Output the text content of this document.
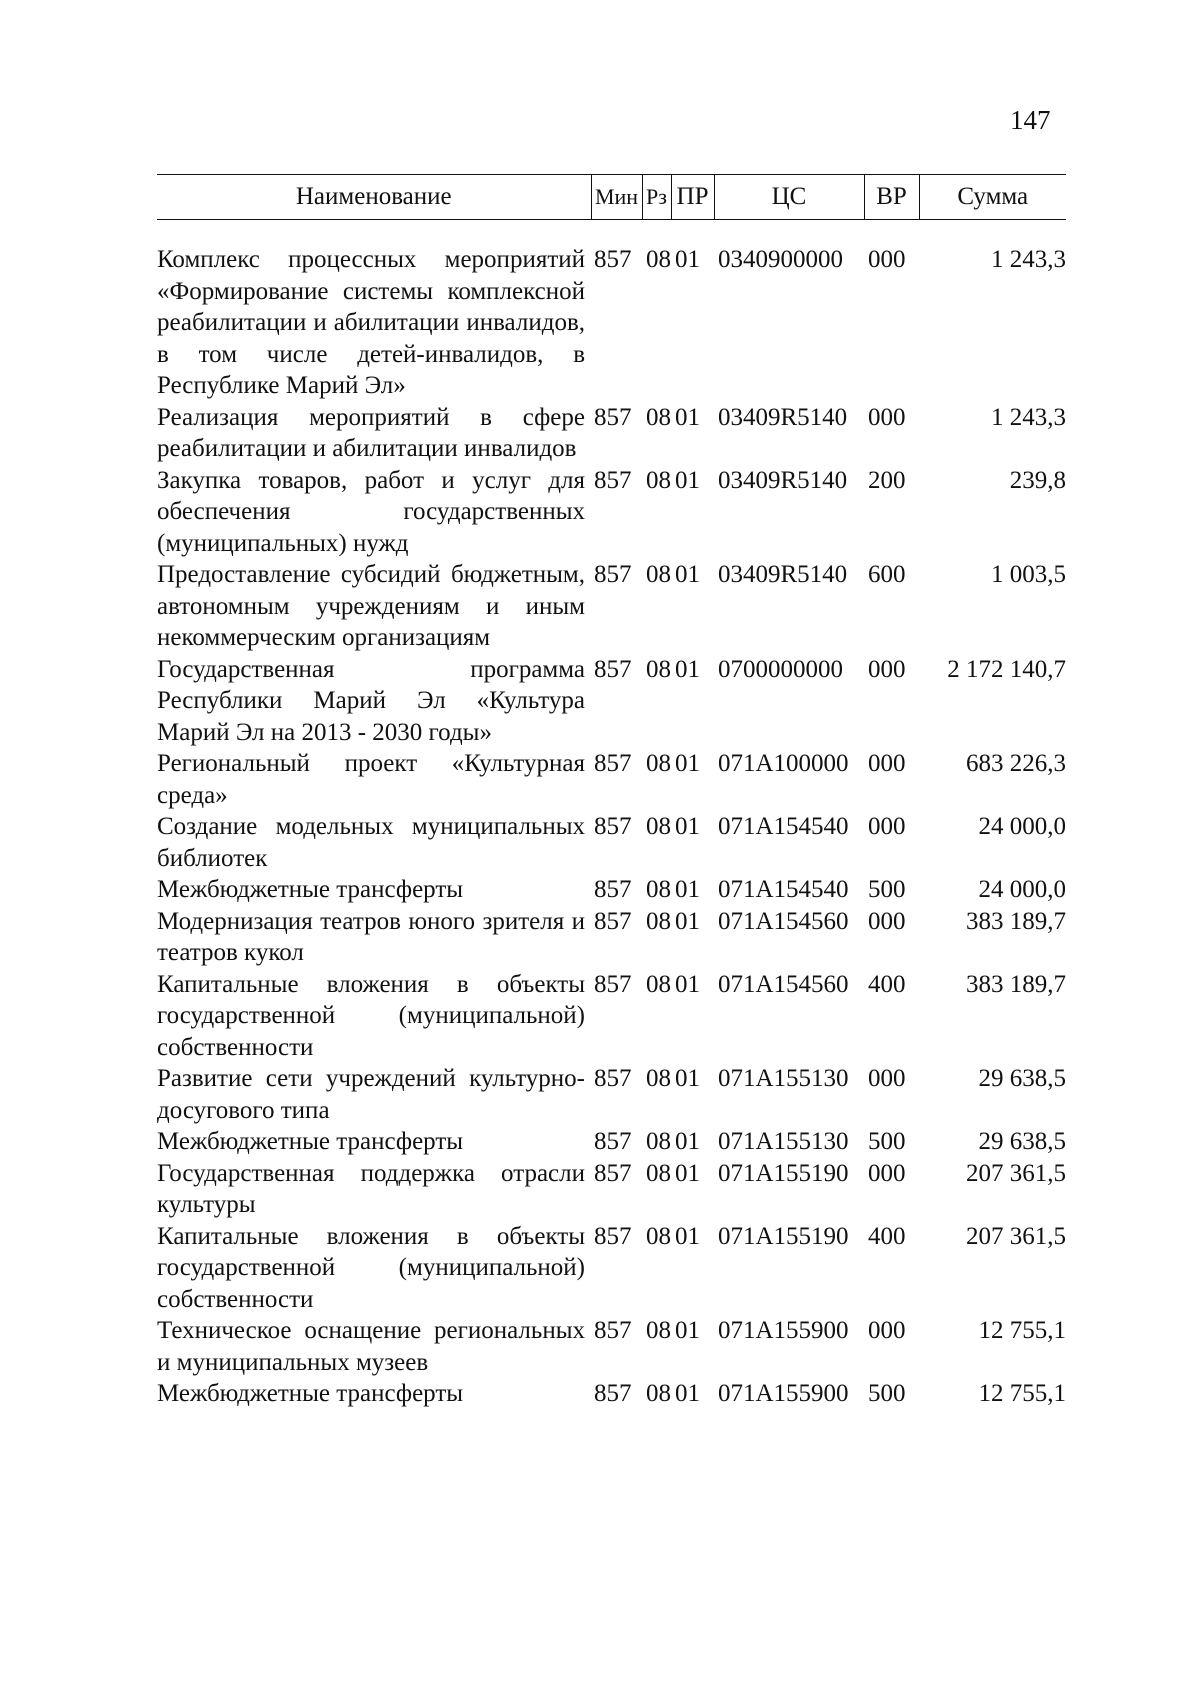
147
Наименование	Мин	Рз	ПР	ЦС	ВР	Сумма

Комплекс процессных мероприятий «Формирование системы комплексной реабилитации и абилитации инвалидов, в том числе детей-инвалидов, в Республике Марий Эл»	857	08	01	0340900000	000	1 243,3
Реализация мероприятий в сфере реабилитации и абилитации инвалидов	857	08	01	03409R5140	000	1 243,3
Закупка товаров, работ и услуг для обеспечения государственных (муниципальных) нужд	857	08	01	03409R5140	200	239,8
Предоставление субсидий бюджетным, автономным учреждениям и иным некоммерческим организациям	857	08	01	03409R5140	600	1 003,5
Государственная программа Республики Марий Эл «Культура Марий Эл на 2013 - 2030 годы»	857	08	01	0700000000	000	2 172 140,7
Региональный проект «Культурная среда»	857	08	01	071A100000	000	683 226,3
Создание модельных муниципальных библиотек	857	08	01	071A154540	000	24 000,0
Межбюджетные трансферты	857	08	01	071A154540	500	24 000,0
Модернизация театров юного зрителя и театров кукол	857	08	01	071A154560	000	383 189,7
Капитальные вложения в объекты государственной (муниципальной) собственности	857	08	01	071A154560	400	383 189,7
Развитие сети учреждений культурно-досугового типа	857	08	01	071A155130	000	29 638,5
Межбюджетные трансферты	857	08	01	071A155130	500	29 638,5
Государственная поддержка отрасли культуры	857	08	01	071A155190	000	207 361,5
Капитальные вложения в объекты государственной (муниципальной) собственности	857	08	01	071A155190	400	207 361,5
Техническое оснащение региональных и муниципальных музеев	857	08	01	071A155900	000	12 755,1
Межбюджетные трансферты	857	08	01	071A155900	500	12 755,1
